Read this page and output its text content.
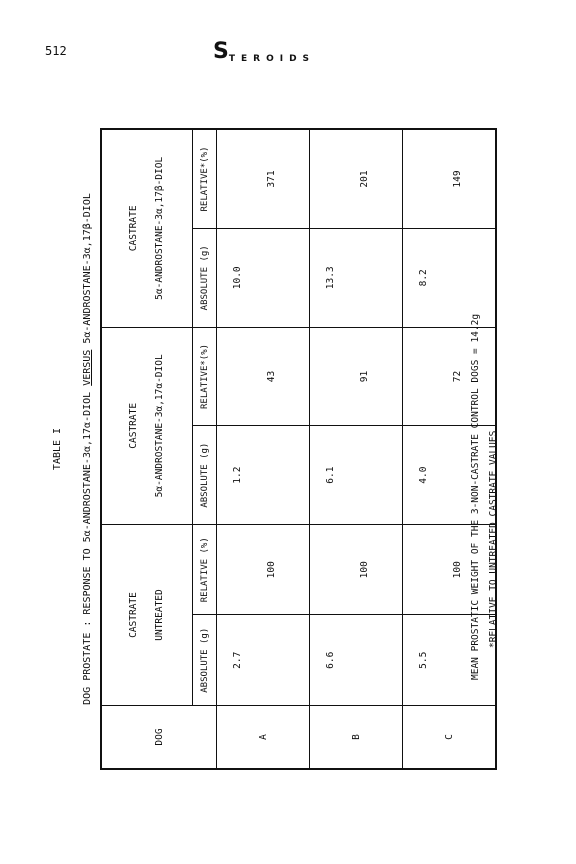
512	STEROIDS
TABLE I DOG PROSTATE : RESPONSE TO 5α-ANDROSTANE-3α,17α-DIOL VERSUS 5α-ANDROSTANE-3α,17β-DIOL
DOG	CASTRATE UNTREATED		CASTRATE 5α-ANDROSTANE-3α,17α-DIOL		CASTRATE 5α-ANDROSTANE-3α,17β-DIOL	

	ABSOLUTE (g)	RELATIVE (%)	ABSOLUTE (g)	RELATIVE*(%)	ABSOLUTE (g)	RELATIVE*(%)
A	2.7	100	1.2	43	10.0	371
B	6.6	100	6.1	91	13.3	201
C	5.5	100	4.0	72	8.2	149
MEAN PROSTATIC WEIGHT OF THE 3-NON-CASTRATE CONTROL DOGS = 14.2g *RELATIVE TO UNTREATED CASTRATE VALUES
